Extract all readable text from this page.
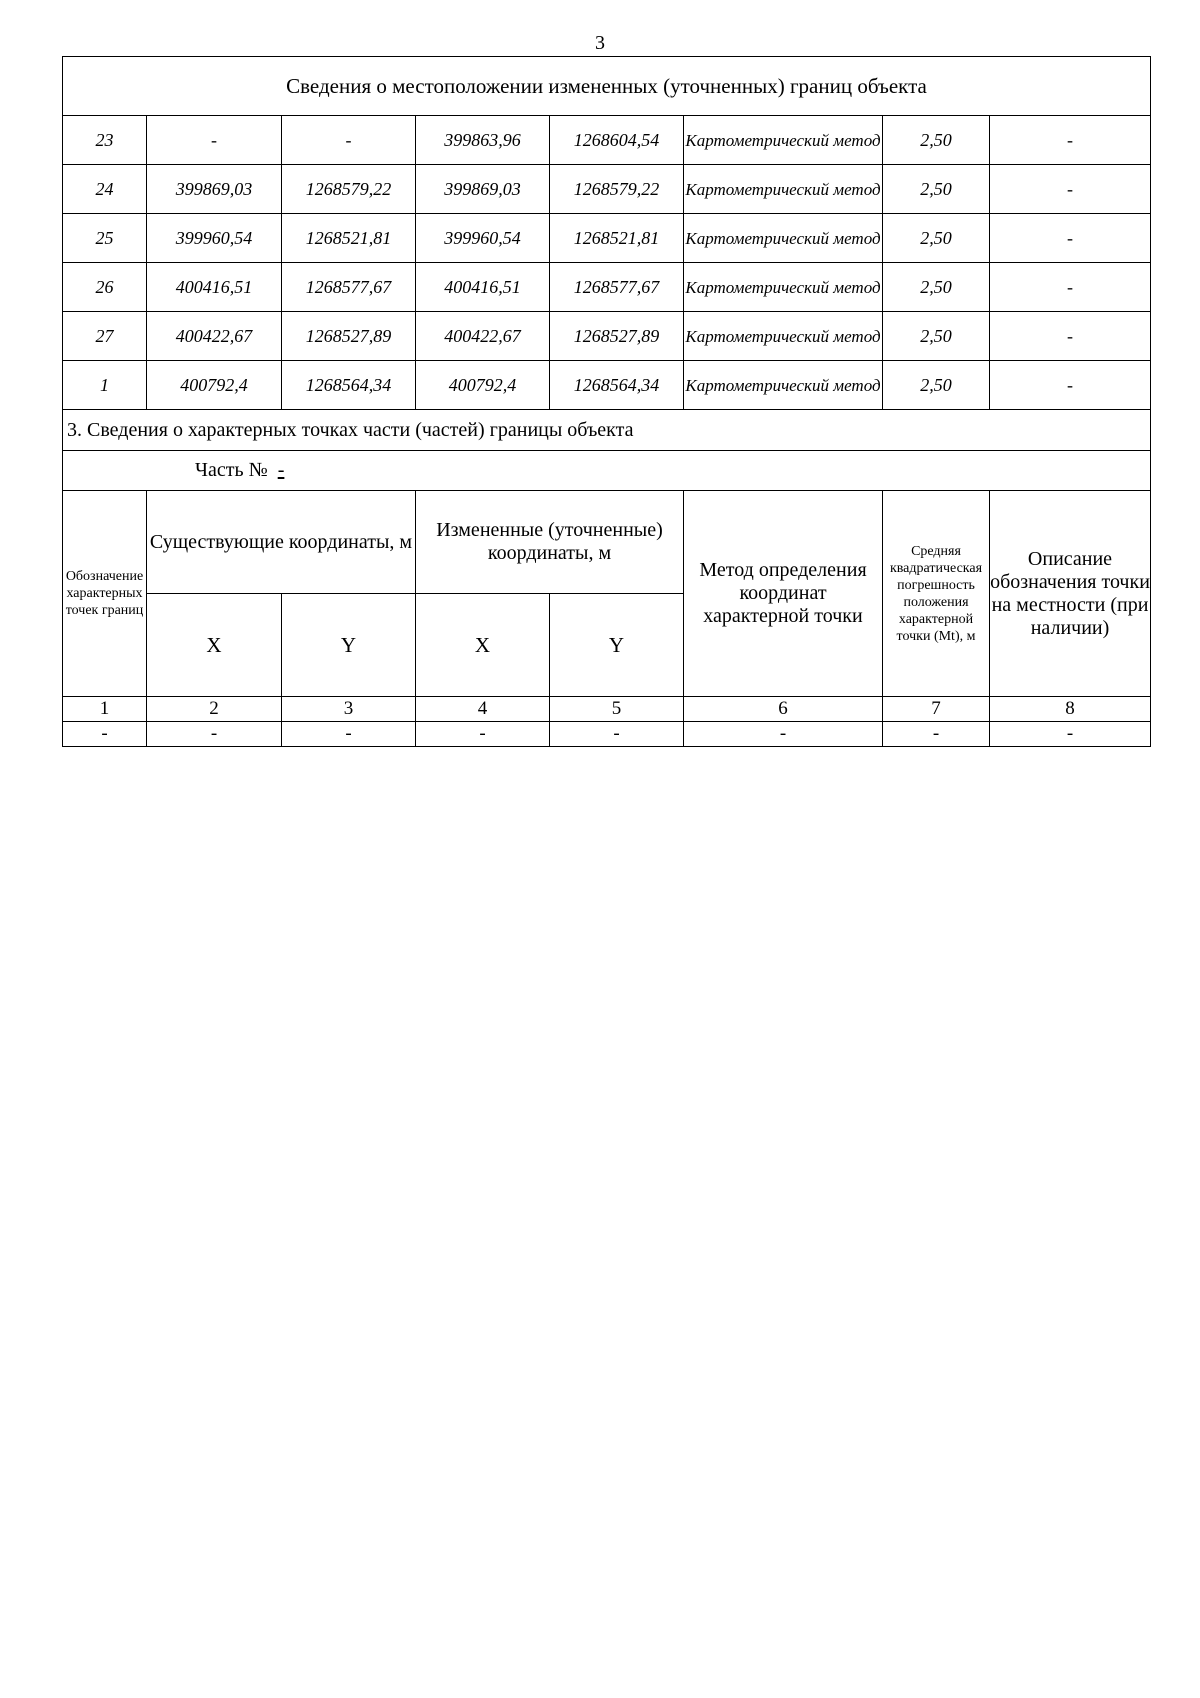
3
Сведения о местоположении измененных (уточненных) границ объекта							
23	-	-	399863,96	1268604,54	Картометрический метод	2,50	-
24	399869,03	1268579,22	399869,03	1268579,22	Картометрический метод	2,50	-
25	399960,54	1268521,81	399960,54	1268521,81	Картометрический метод	2,50	-
26	400416,51	1268577,67	400416,51	1268577,67	Картометрический метод	2,50	-
27	400422,67	1268527,89	400422,67	1268527,89	Картометрический метод	2,50	-
1	400792,4	1268564,34	400792,4	1268564,34	Картометрический метод	2,50	-
3. Сведения о характерных точках части (частей) границы объекта							
Часть № -							
Обозначение характерных точек границ	Существующие координаты, м		Измененные (уточненные) координаты, м		Метод определения координат характерной точки	Средняя квадратическая погрешность положения характерной точки (Mt), м	Описание обозначения точки на местности (при наличии)
	X	Y	X	Y			
1	2	3	4	5	6	7	8
-	-	-	-	-	-	-	-
